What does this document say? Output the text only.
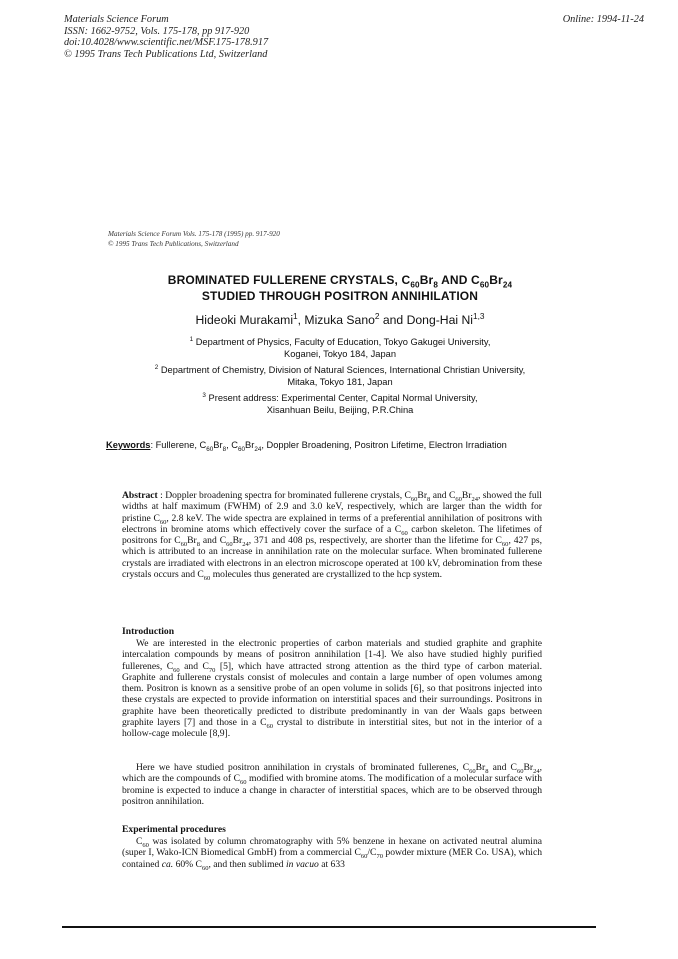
Materials Science Forum
ISSN: 1662-9752, Vols. 175-178, pp 917-920
doi:10.4028/www.scientific.net/MSF.175-178.917
© 1995 Trans Tech Publications Ltd, Switzerland
Online: 1994-11-24
Materials Science Forum Vols. 175-178 (1995) pp. 917-920
© 1995 Trans Tech Publications, Switzerland
BROMINATED FULLERENE CRYSTALS, $C_{60}Br_8$ AND $C_{60}Br_{24}$
STUDIED THROUGH POSITRON ANNIHILATION
Hideoki Murakami$^1$, Mizuka Sano$^2$ and Dong-Hai Ni$^{1,3}$
$^1$ Department of Physics, Faculty of Education, Tokyo Gakugei University,
Koganei, Tokyo 184, Japan
$^2$ Department of Chemistry, Division of Natural Sciences, International Christian University,
Mitaka, Tokyo 181, Japan
$^3$ Present address: Experimental Center, Capital Normal University,
Xisanhuan Beilu, Beijing, P.R.China
Keywords: Fullerene, $C_{60}Br_8$, $C_{60}Br_{24}$, Doppler Broadening, Positron Lifetime, Electron Irradiation
Abstract : Doppler broadening spectra for brominated fullerene crystals, $C_{60}Br_8$ and $C_{60}Br_{24}$, showed the full widths at half maximum (FWHM) of 2.9 and 3.0 keV, respectively, which are larger than the width for pristine $C_{60}$, 2.8 keV. The wide spectra are explained in terms of a preferential annihilation of positrons with electrons in bromine atoms which effectively cover the surface of a $C_{60}$ carbon skeleton. The lifetimes of positrons for $C_{60}Br_8$ and $C_{60}Br_{24}$, 371 and 408 ps, respectively, are shorter than the lifetime for $C_{60}$, 427 ps, which is attributed to an increase in annihilation rate on the molecular surface. When brominated fullerene crystals are irradiated with electrons in an electron microscope operated at 100 kV, debromination from these crystals occurs and $C_{60}$ molecules thus generated are crystallized to the hcp system.
Introduction
We are interested in the electronic properties of carbon materials and studied graphite and graphite intercalation compounds by means of positron annihilation [1-4]. We also have studied highly purified fullerenes, $C_{60}$ and $C_{70}$ [5], which have attracted strong attention as the third type of carbon material. Graphite and fullerene crystals consist of molecules and contain a large number of open volumes among them. Positron is known as a sensitive probe of an open volume in solids [6], so that positrons injected into these crystals are expected to provide information on interstitial spaces and their surroundings. Positrons in graphite have been theoretically predicted to distribute predominantly in van der Waals gaps between graphite layers [7] and those in a $C_{60}$ crystal to distribute in interstitial sites, but not in the interior of a hollow-cage molecule [8,9].
Here we have studied positron annihilation in crystals of brominated fullerenes, $C_{60}Br_8$ and $C_{60}Br_{24}$, which are the compounds of $C_{60}$ modified with bromine atoms. The modification of a molecular surface with bromine is expected to induce a change in character of interstitial spaces, which are to be observed through positron annihilation.
Experimental procedures
$C_{60}$ was isolated by column chromatography with 5% benzene in hexane on activated neutral alumina (super I, Wako-ICN Biomedical GmbH) from a commercial $C_{60}/C_{70}$ powder mixture (MER Co. USA), which contained ca. 60% $C_{60}$, and then sublimed in vacuo at 633
